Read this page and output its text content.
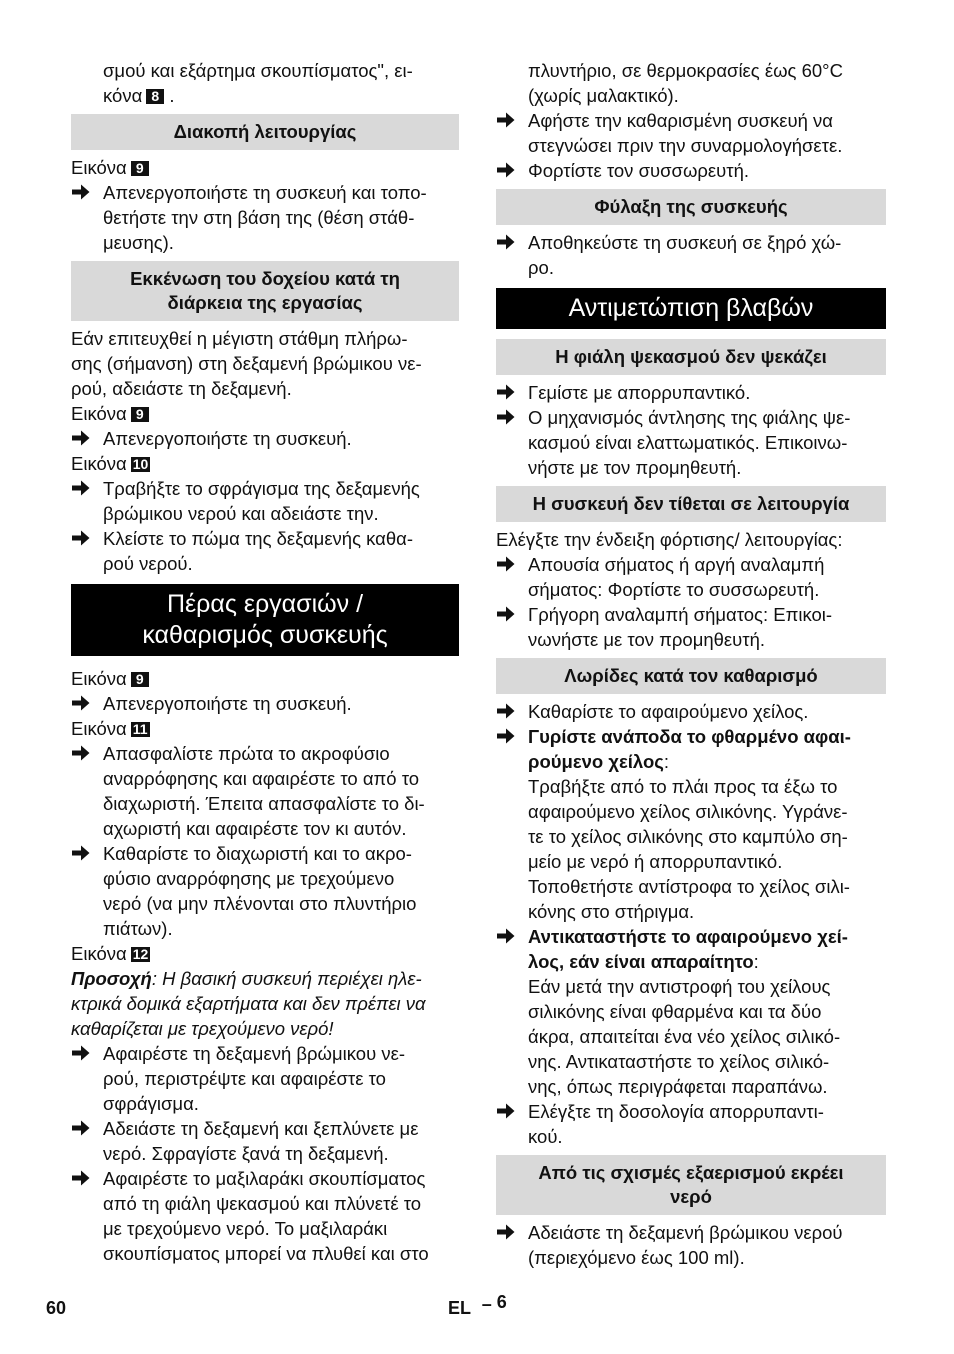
σμού και εξάρτημα σκουπίσματος", ει-

κόνα 8 .

Διακοπή λειτουργίας
Εικόνα 9
Απενεργοποιήστε τη συσκευή και τοπο-
θετήστε την στη βάση της (θέση στάθ-
μευσης).
Εκκένωση του δοχείου κατά τη
διάρκεια της εργασίας
Εάν επιτευχθεί η μέγιστη στάθμη πλήρω-
σης (σήμανση) στη δεξαμενή βρώμικου νε-
ρού, αδειάστε τη δεξαμενή.
Εικόνα 9
Απενεργοποιήστε τη συσκευή.
Εικόνα 10
Τραβήξτε το σφράγισμα της δεξαμενής
βρώμικου νερού και αδειάστε την.
Κλείστε το πώμα της δεξαμενής καθα-
ρού νερού.
Πέρας εργασιών /
καθαρισμός συσκευής
Εικόνα 9
Απενεργοποιήστε τη συσκευή.
Εικόνα 11
Απασφαλίστε πρώτα το ακροφύσιο
αναρρόφησης και αφαιρέστε το από το
διαχωριστή. Έπειτα απασφαλίστε το δι-
αχωριστή και αφαιρέστε τον κι αυτόν.
Καθαρίστε το διαχωριστή και το ακρο-
φύσιο αναρρόφησης με τρεχούμενο
νερό (να μην πλένονται στο πλυντήριο
πιάτων).
Εικόνα 12
Προσοχή: Η βασική συσκευή περιέχει ηλε-
κτρικά δομικά εξαρτήματα και δεν πρέπει να
καθαρίζεται με τρεχούμενο νερό!
Αφαιρέστε τη δεξαμενή βρώμικου νε-
ρού, περιστρέψτε και αφαιρέστε το
σφράγισμα.
Αδειάστε τη δεξαμενή και ξεπλύνετε με
νερό. Σφραγίστε ξανά τη δεξαμενή.
Αφαιρέστε το μαξιλαράκι σκουπίσματος
από τη φιάλη ψεκασμού και πλύνετέ το
με τρεχούμενο νερό. Το μαξιλαράκι
σκουπίσματος μπορεί να πλυθεί και στο

πλυντήριο, σε θερμοκρασίες έως 60°C

(χωρίς μαλακτικό).

Αφήστε την καθαρισμένη συσκευή να
στεγνώσει πριν την συναρμολογήσετε.
Φορτίστε τον συσσωρευτή.
Φύλαξη της συσκευής
Αποθηκεύστε τη συσκευή σε ξηρό χώ-
ρο.
Αντιμετώπιση βλαβών
Η φιάλη ψεκασμού δεν ψεκάζει
Γεμίστε με απορρυπαντικό.
Ο μηχανισμός άντλησης της φιάλης ψε-
κασμού είναι ελαττωματικός. Επικοινω-
νήστε με τον προμηθευτή.
Η συσκευή δεν τίθεται σε λειτουργία
Ελέγξτε την ένδειξη φόρτισης/ λειτουργίας:
Απουσία σήματος ή αργή αναλαμπή
σήματος: Φορτίστε το συσσωρευτή.
Γρήγορη αναλαμπή σήματος: Επικοι-
νωνήστε με τον προμηθευτή.
Λωρίδες κατά τον καθαρισμό
Καθαρίστε το αφαιρούμενο χείλος.
Γυρίστε ανάποδα το φθαρμένο αφαι-
ρούμενο χείλος:
Τραβήξτε από το πλάι προς τα έξω το
αφαιρούμενο χείλος σιλικόνης. Υγράνε-
τε το χείλος σιλικόνης στο καμπύλο ση-
μείο με νερό ή απορρυπαντικό.
Τοποθετήστε αντίστροφα το χείλος σιλι-
κόνης στο στήριγμα.
Αντικαταστήστε το αφαιρούμενο χεί-
λος, εάν είναι απαραίτητο:
Εάν μετά την αντιστροφή του χείλους
σιλικόνης είναι φθαρμένα και τα δύο
άκρα, απαιτείται ένα νέο χείλος σιλικό-
νης. Αντικαταστήστε το χείλος σιλικό-
νης, όπως περιγράφεται παραπάνω.
Ελέγξτε τη δοσολογία απορρυπαντι-
κού.
Από τις σχισμές εξαερισμού εκρέει
νερό
Αδειάστε τη δεξαμενή βρώμικου νερού
(περιεχόμενο έως 100 ml).
60	EL – 6
